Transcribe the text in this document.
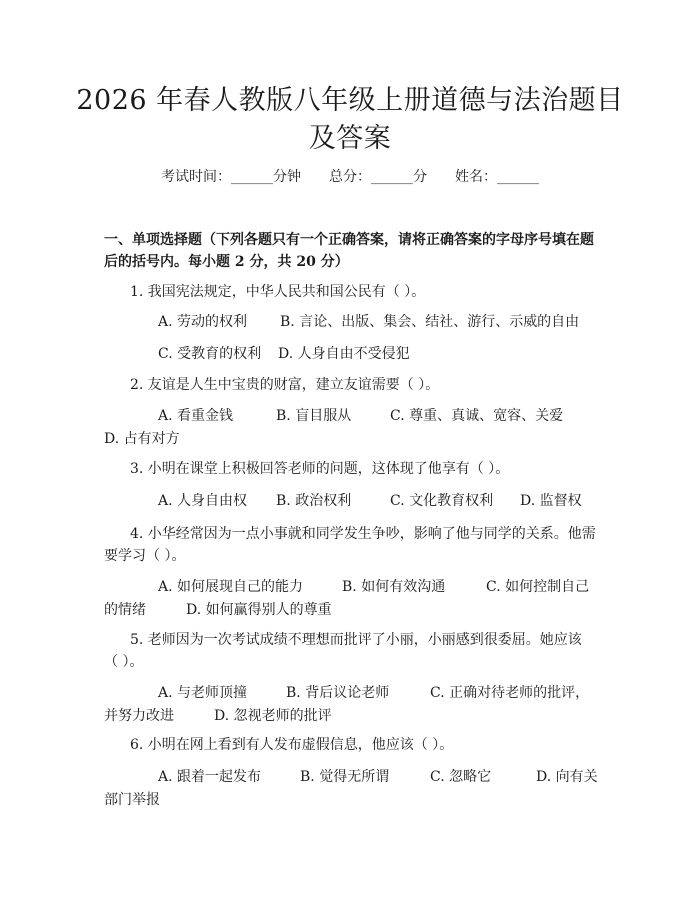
2026 年春人教版八年级上册道德与法治题目
及答案
考试时间：______分钟 总分：______分 姓名：______
一、单项选择题（下列各题只有一个正确答案，请将正确答案的字母序号填在题
后的括号内。每小题 2 分，共 20 分）
1. 我国宪法规定，中华人民共和国公民有（ ）。
A. 劳动的权利 B. 言论、出版、集会、结社、游行、示威的自由
C. 受教育的权利 D. 人身自由不受侵犯
2. 友谊是人生中宝贵的财富，建立友谊需要（ ）。
A. 看重金钱	B. 盲目服从	C. 尊重、真诚、宽容、关爱
D. 占有对方
3. 小明在课堂上积极回答老师的问题，这体现了他享有（ ）。
A. 人身自由权 B. 政治权利	C. 文化教育权利 D. 监督权
4. 小华经常因为一点小事就和同学发生争吵，影响了他与同学的关系。他需
要学习（ ）。
A. 如何展现自己的能力	B. 如何有效沟通	C. 如何控制自己
的情绪	D. 如何赢得别人的尊重
5. 老师因为一次考试成绩不理想而批评了小丽，小丽感到很委屈。她应该
（ ）。
A. 与老师顶撞	B. 背后议论老师	C. 正确对待老师的批评，
并努力改进	D. 忽视老师的批评
6. 小明在网上看到有人发布虚假信息，他应该（ ）。
A. 跟着一起发布	B. 觉得无所谓	C. 忽略它	D. 向有关
部门举报
